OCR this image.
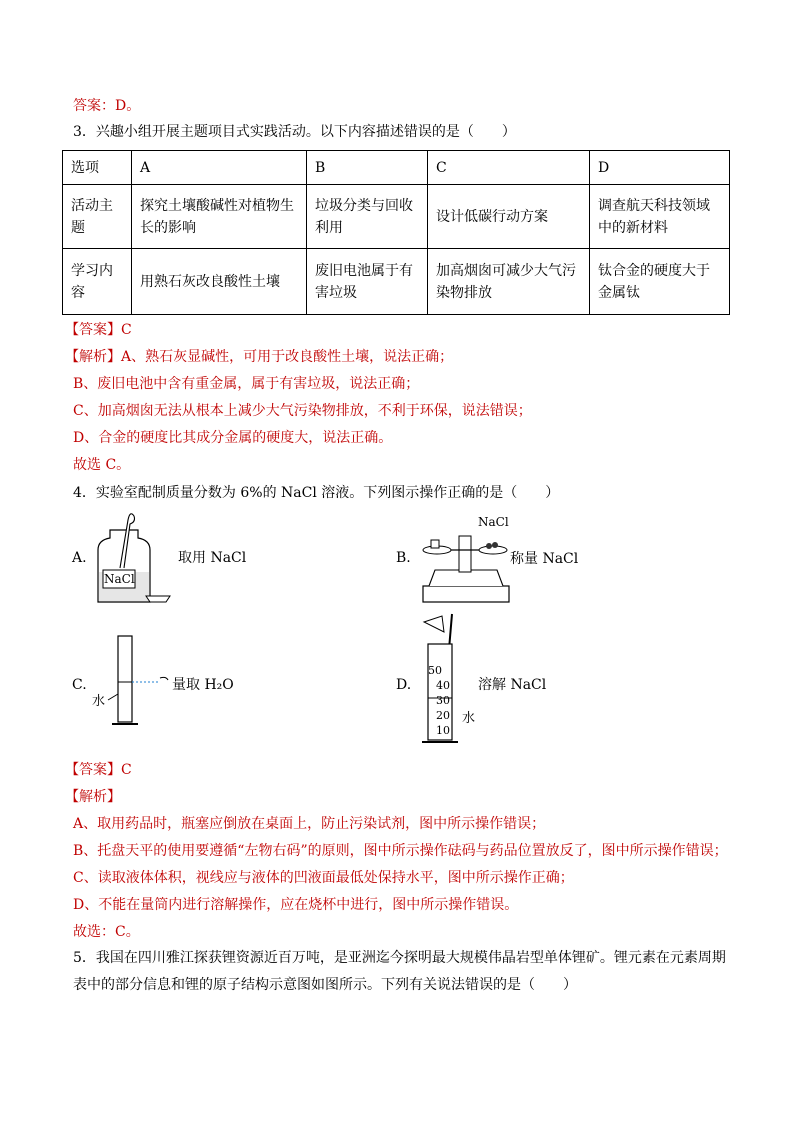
答案：D。
3．兴趣小组开展主题项目式实践活动。以下内容描述错误的是（　　）
选项	A	B	C	D
活动主题	探究土壤酸碱性对植物生长的影响	垃圾分类与回收利用	设计低碳行动方案	调查航天科技领域中的新材料
学习内容	用熟石灰改良酸性土壤	废旧电池属于有害垃圾	加高烟囱可减少大气污染物排放	钛合金的硬度大于金属钛
【答案】C
【解析】A、熟石灰显碱性，可用于改良酸性土壤，说法正确；
B、废旧电池中含有重金属，属于有害垃圾，说法正确；
C、加高烟囱无法从根本上减少大气污染物排放，不利于环保，说法错误；
D、合金的硬度比其成分金属的硬度大，说法正确。
故选 C。
4．实验室配制质量分数为 6%的 NaCl 溶液。下列图示操作正确的是（　　）
A.
NaCl
取用 NaCl	B.
NaCl
称量 NaCl
C.
水
量取 H₂O	D.
50
40
30
20
10
水
溶解 NaCl
【答案】C
【解析】
A、取用药品时，瓶塞应倒放在桌面上，防止污染试剂，图中所示操作错误；
B、托盘天平的使用要遵循“左物右码”的原则，图中所示操作砝码与药品位置放反了，图中所示操作错误；
C、读取液体体积，视线应与液体的凹液面最低处保持水平，图中所示操作正确；
D、不能在量筒内进行溶解操作，应在烧杯中进行，图中所示操作错误。
故选：C。
5．我国在四川雅江探获锂资源近百万吨，是亚洲迄今探明最大规模伟晶岩型单体锂矿。锂元素在元素周期
表中的部分信息和锂的原子结构示意图如图所示。下列有关说法错误的是（　　）
